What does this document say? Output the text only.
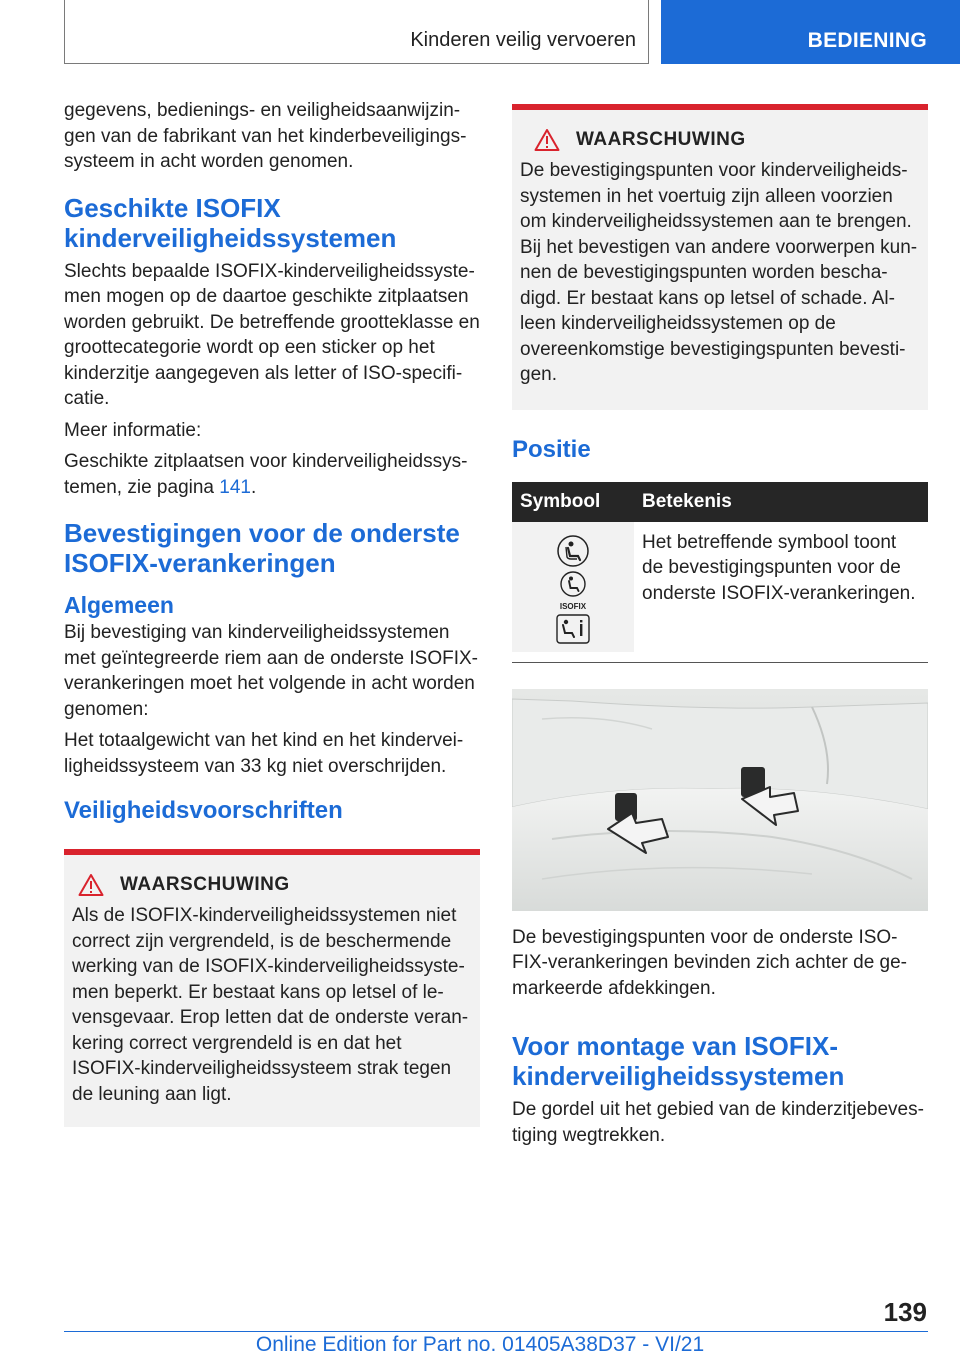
Kinderen veilig vervoeren	BEDIENING

gegevens, bedienings- en veiligheidsaanwijzin-gen van de fabrikant van het kinderbeveiligings-systeem in acht worden genomen.

Geschikte ISOFIX kinderveiligheidssystemen

Slechts bepaalde ISOFIX-kinderveiligheidssyste-men mogen op de daartoe geschikte zitplaatsen worden gebruikt. De betreffende grootteklasse en groottecategorie wordt op een sticker op het kinderzitje aangegeven als letter of ISO-specifi-catie.

Meer informatie:

Geschikte zitplaatsen voor kinderveiligheidssys-temen, zie pagina 141.

Bevestigingen voor de onderste ISOFIX-verankeringen
Algemeen

Bij bevestiging van kinderveiligheidssystemen met geïntegreerde riem aan de onderste ISOFIX-verankeringen moet het volgende in acht worden genomen:

Het totaalgewicht van het kind en het kindervei-ligheidssysteem van 33 kg niet overschrijden.

Veiligheidsvoorschriften
WAARSCHUWING

Als de ISOFIX-kinderveiligheidssystemen niet correct zijn vergrendeld, is de beschermende werking van de ISOFIX-kinderveiligheidssyste-men beperkt. Er bestaat kans op letsel of le-vensgevaar. Erop letten dat de onderste veran-kering correct vergrendeld is en dat het ISOFIX-kinderveiligheidssysteem strak tegen de leuning aan ligt.

WAARSCHUWING

De bevestigingspunten voor kinderveiligheids-systemen in het voertuig zijn alleen voorzien om kinderveiligheidssystemen aan te brengen. Bij het bevestigen van andere voorwerpen kun-nen de bevestigingspunten worden bescha-digd. Er bestaat kans op letsel of schade. Al-leen kinderveiligheidssystemen op de overeenkomstige bevestigingspunten bevesti-gen.

Positie
Symbool	Betekenis

ISOFIX	Het betreffende symbool toont de bevestigingspunten voor de onderste ISOFIX-verankeringen.

De bevestigingspunten voor de onderste ISO-FIX-verankeringen bevinden zich achter de ge-markeerde afdekkingen.

Voor montage van ISOFIX-kinderveiligheidssystemen

De gordel uit het gebied van de kinderzitjebeves-tiging wegtrekken.

139
Online Edition for Part no. 01405A38D37 - VI/21
